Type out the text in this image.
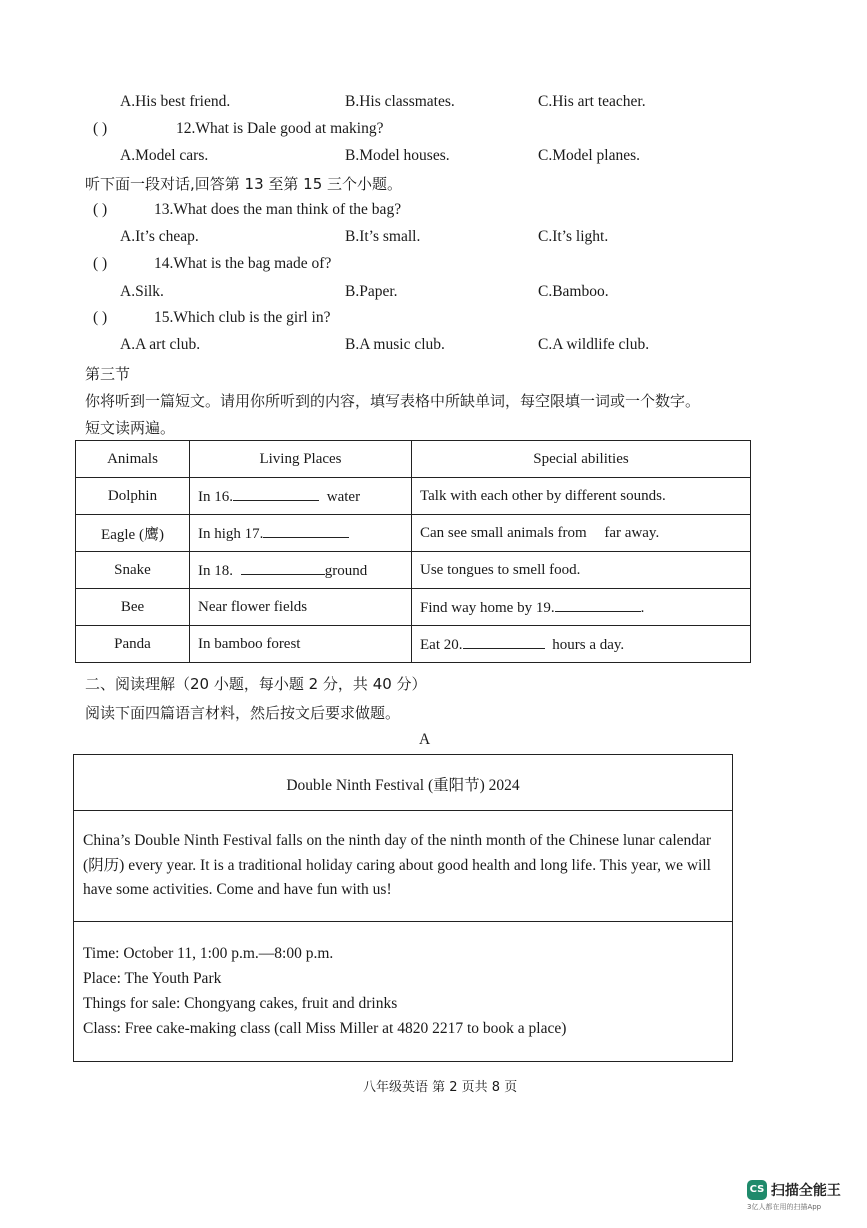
A.His best friend.	B.His classmates.	C.His art teacher.
( )	12.What is Dale good at making?
A.Model cars.	B.Model houses.	C.Model planes.
听下面一段对话,回答第 13 至第 15 三个小题。
( )	13.What does the man think of the bag?
A.It’s cheap.	B.It’s small.	C.It’s light.
( )	14.What is the bag made of?
A.Silk.	B.Paper.	C.Bamboo.
( )	15.Which club is the girl in?
A.A art club.	B.A music club.	C.A wildlife club.
第三节
你将听到一篇短文。请用你所听到的内容，填写表格中所缺单词，每空限填一词或一个数字。
短文读两遍。
Animals	Living Places	Special abilities
Dolphin	In 16. water	Talk with each other by different sounds.
Eagle (鹰)	In high 17.	Can see small animals from far away.
Snake	In 18. ground	Use tongues to smell food.
Bee	Near flower fields	Find way home by 19. .
Panda	In bamboo forest	Eat 20. hours a day.
二、阅读理解（20 小题，每小题 2 分，共 40 分）
阅读下面四篇语言材料，然后按文后要求做题。
A
Double Ninth Festival (重阳节) 2024
China’s Double Ninth Festival falls on the ninth day of the ninth month of the Chinese lunar calendar (阴历) every year. It is a traditional holiday caring about good health and long life. This year, we will have some activities. Come and have fun with us!
Time: October 11, 1:00 p.m.—8:00 p.m.
Place: The Youth Park
Things for sale: Chongyang cakes, fruit and drinks
Class: Free cake-making class (call Miss Miller at 4820 2217 to book a place)
八年级英语 第 2 页共 8 页
CS 扫描全能王
3亿人都在用的扫描App
